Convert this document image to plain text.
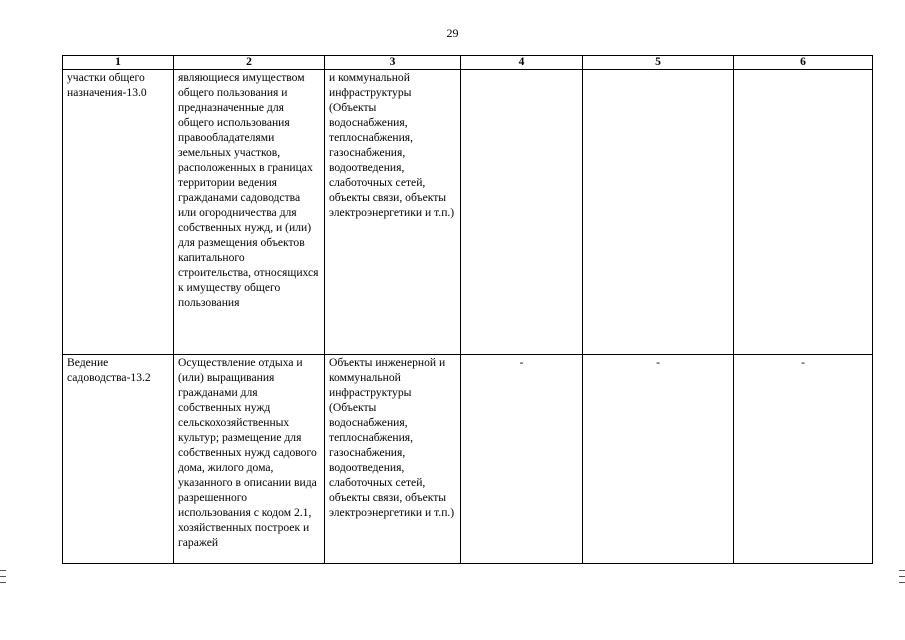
29
1	2	3	4	5	6
участки общего назначения-13.0	являющиеся имуществом общего пользования и предназначенные для общего использования правообладателями земельных участков, расположенных в границах территории ведения гражданами садоводства или огородничества для собственных нужд, и (или) для размещения объектов капитального строительства, относящихся к имуществу общего пользования	и коммунальной инфраструктуры (Объекты водоснабжения, теплоснабжения, газоснабжения, водоотведения, слаботочных сетей, объекты связи, объекты электроэнергетики и т.п.)			
Ведение садоводства-13.2	Осуществление отдыха и (или) выращивания гражданами для собственных нужд сельскохозяйственных культур; размещение для собственных нужд садового дома, жилого дома, указанного в описании вида разрешенного использования с кодом 2.1, хозяйственных построек и гаражей	Объекты инженерной и коммунальной инфраструктуры (Объекты водоснабжения, теплоснабжения, газоснабжения, водоотведения, слаботочных сетей, объекты связи, объекты электроэнергетики и т.п.)	-	-	-
